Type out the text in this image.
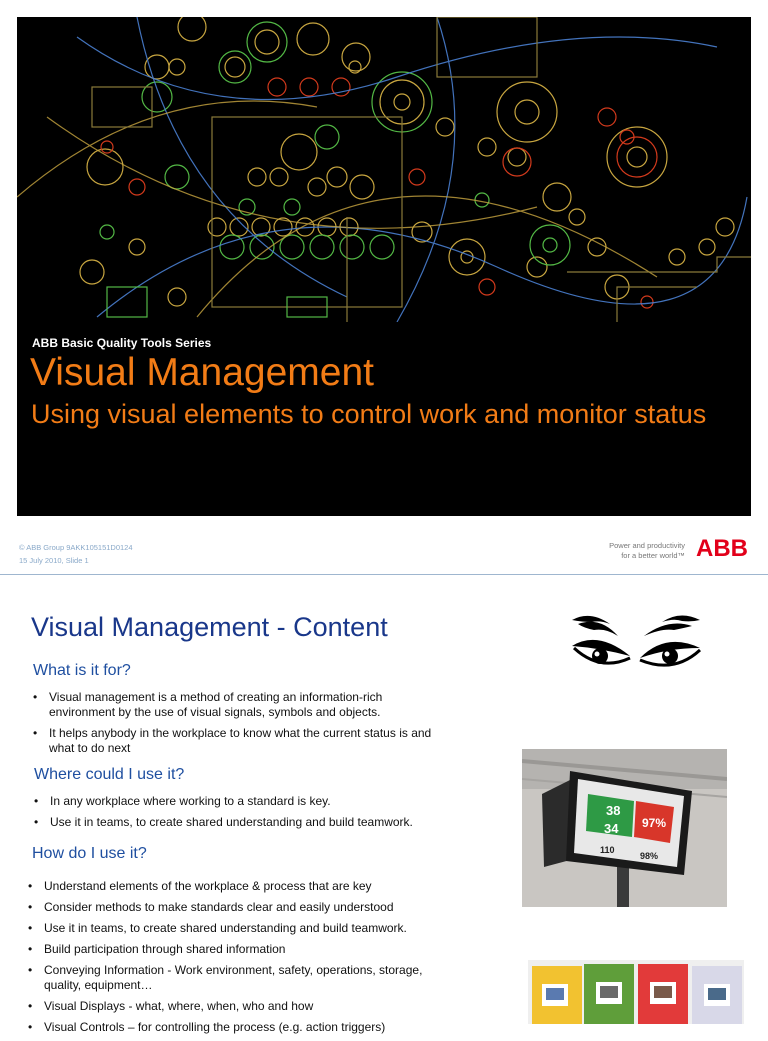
ABB Basic Quality Tools Series

Visual Management

Using visual elements to control work and monitor status

© ABB Group 9AKK105151D0124
15 July 2010, Slide 1
Power and productivity
for a better world™ ABB
Visual Management - Content
What is it for?
• Visual management is a method of creating an information-rich environment by the use of visual signals, symbols and objects.
• It helps anybody in the workplace to know what the current status is and what to do next
Where could I use it?
• In any workplace where working to a standard is key.
• Use it in teams, to create shared understanding and build teamwork.
How do I use it?
• Understand elements of the workplace & process that are key
• Consider methods to make standards clear and easily understood
• Use it in teams, to create shared understanding and build teamwork.
• Build participation through shared information
• Conveying Information - Work environment, safety, operations, storage, quality, equipment…
• Visual Displays - what, where, when, who and how
• Visual Controls – for controlling the process (e.g. action triggers)
38
34 97%
110
98%
